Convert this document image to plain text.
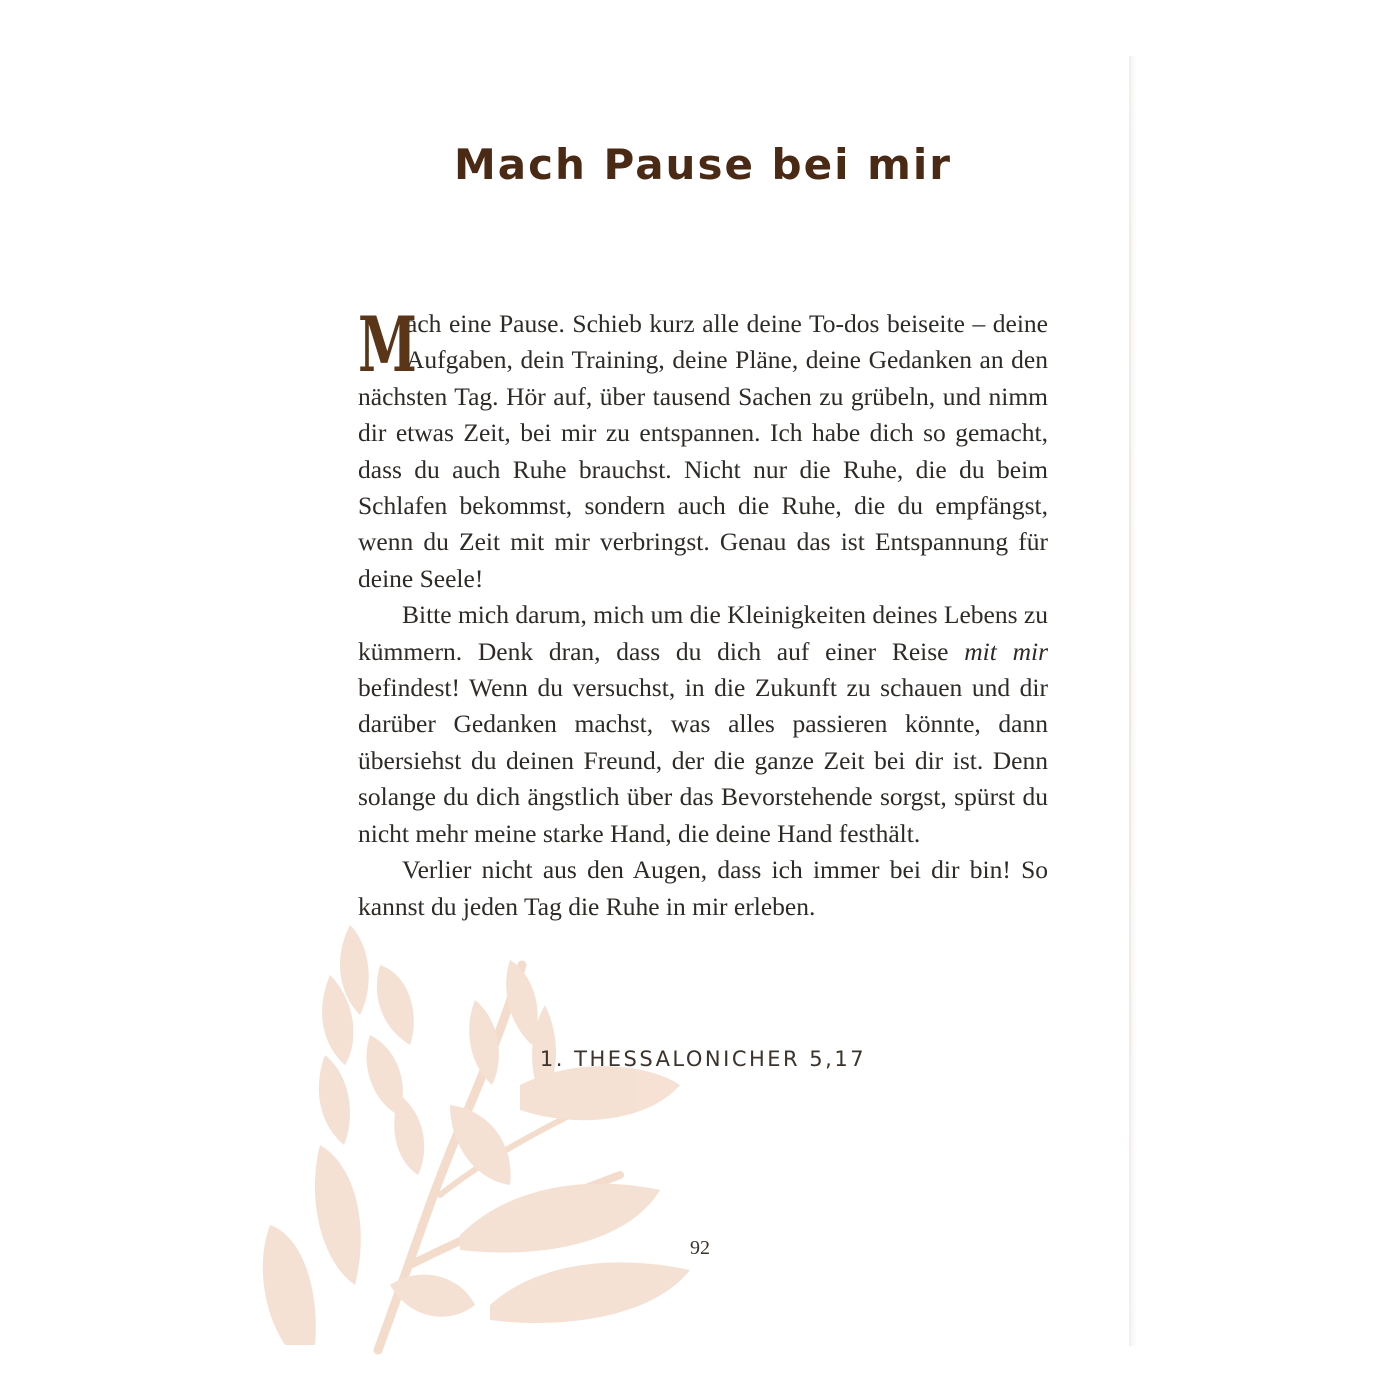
Mach Pause bei mir

M
ach eine Pause. Schieb kurz alle deine To-dos beiseite – deine Aufgaben, dein Training, deine Pläne, deine Gedanken an den nächsten Tag. Hör auf, über tausend Sachen zu grübeln, und nimm dir etwas Zeit, bei mir zu entspannen. Ich habe dich so gemacht, dass du auch Ruhe brauchst. Nicht nur die Ruhe, die du beim Schlafen bekommst, sondern auch die Ruhe, die du empfängst, wenn du Zeit mit mir verbringst. Genau das ist Entspannung für deine Seele!

Bitte mich darum, mich um die Kleinigkeiten deines Lebens zu kümmern. Denk dran, dass du dich auf einer Reise mit mir befindest! Wenn du versuchst, in die Zukunft zu schauen und dir darüber Gedanken machst, was alles passieren könnte, dann übersiehst du deinen Freund, der die ganze Zeit bei dir ist. Denn solange du dich ängstlich über das Bevorstehende sorgst, spürst du nicht mehr meine starke Hand, die deine Hand festhält.

Verlier nicht aus den Augen, dass ich immer bei dir bin! So kannst du jeden Tag die Ruhe in mir erleben.

1. THESSALONICHER 5,17
92
